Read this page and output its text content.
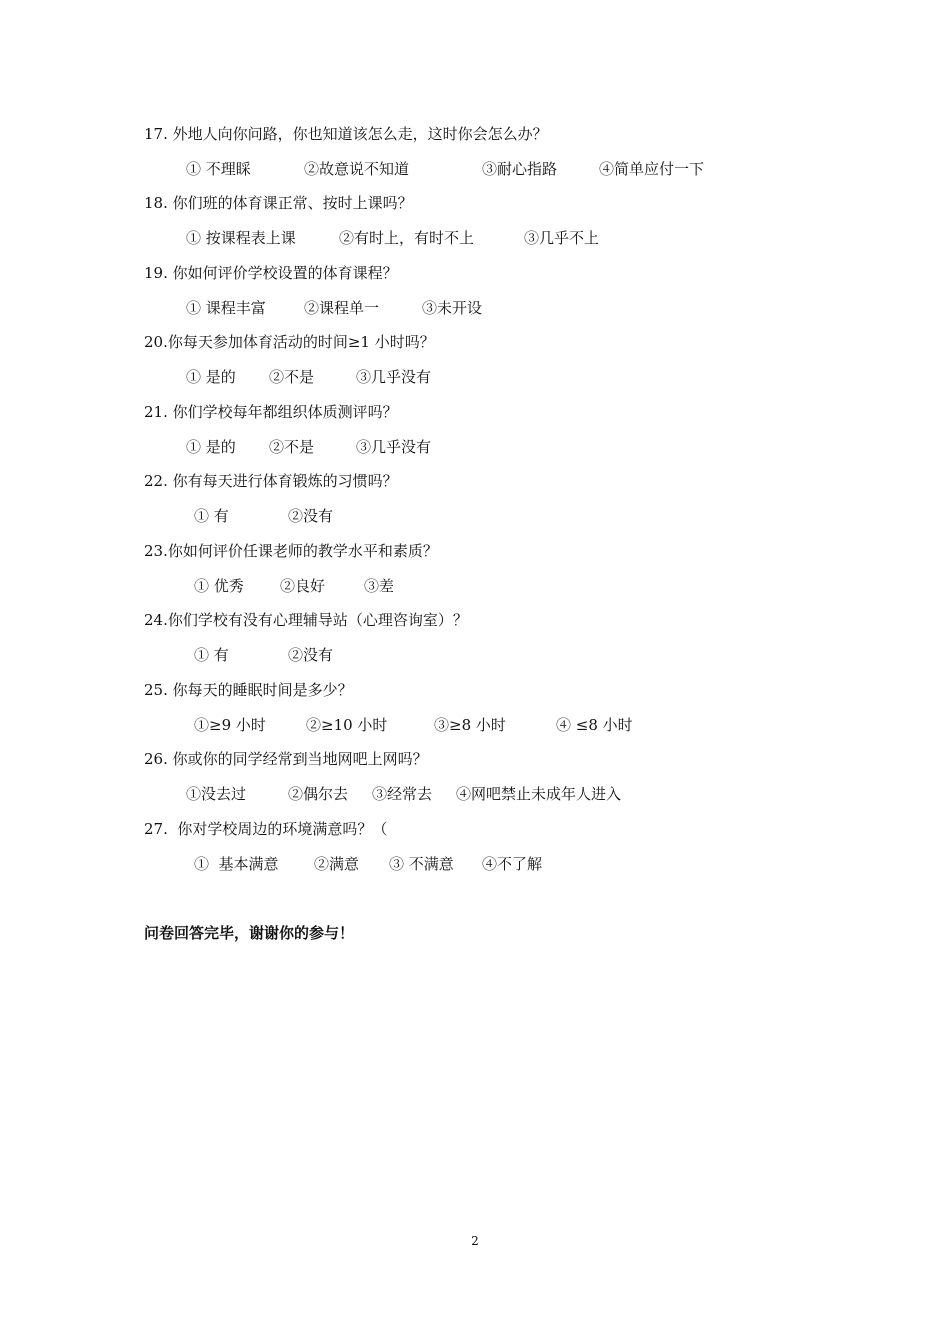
17. 外地人向你问路，你也知道该怎么走，这时你会怎么办？
① 不理睬	②故意说不知道	③耐心指路	④简单应付一下
18. 你们班的体育课正常、按时上课吗？
① 按课程表上课	②有时上，有时不上	③几乎不上
19. 你如何评价学校设置的体育课程？
① 课程丰富	②课程单一	③未开设
20.你每天参加体育活动的时间≥1 小时吗？
① 是的 ②不是	③几乎没有
21. 你们学校每年都组织体质测评吗？
① 是的 ②不是	③几乎没有
22. 你有每天进行体育锻炼的习惯吗？
① 有	②没有
23.你如何评价任课老师的教学水平和素质？
① 优秀 ②良好	③差
24.你们学校有没有心理辅导站（心理咨询室）？
① 有	②没有
25. 你每天的睡眠时间是多少？
①≥9 小时	②≥10 小时	③≥8 小时	④ ≤8 小时
26. 你或你的同学经常到当地网吧上网吗？
①没去过	②偶尔去 ③经常去 ④网吧禁止未成年人进入
27.  你对学校周边的环境满意吗？（
①  基本满意 ②满意 ③ 不满意 ④不了解
问卷回答完毕，谢谢你的参与！
2
